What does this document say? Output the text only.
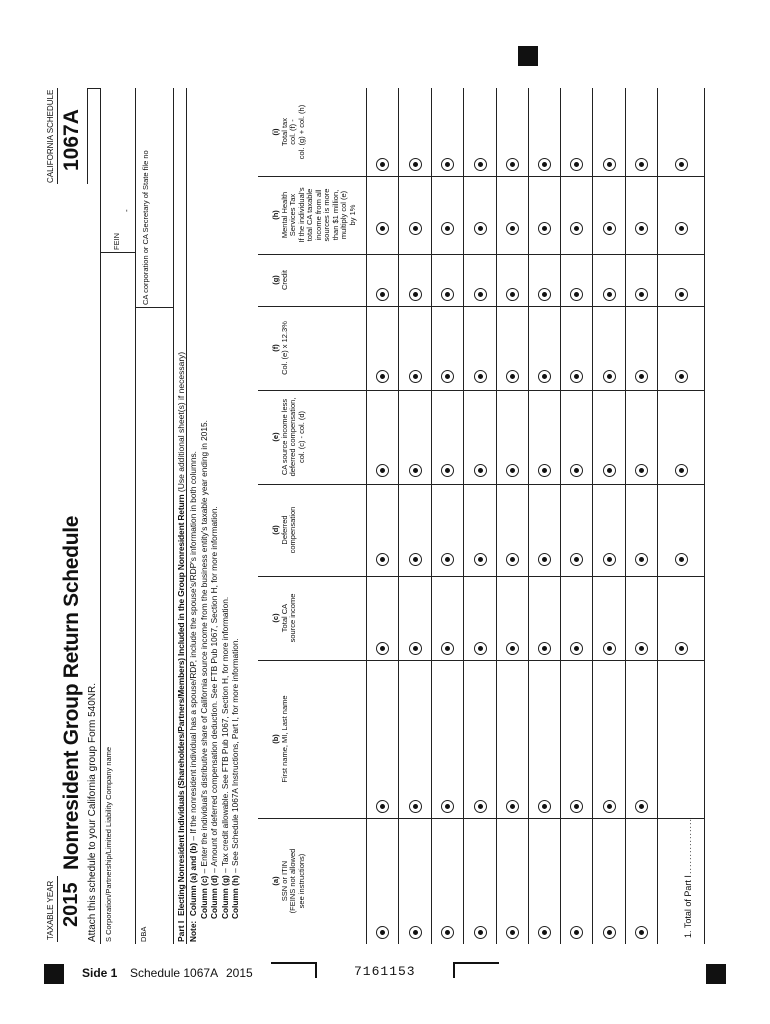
TAXABLE YEAR 2015
Nonresident Group Return Schedule
CALIFORNIA SCHEDULE 1067A
Attach this schedule to your California group Form 540NR. S Corporation/Partnership/Limited Liability Company name
FEIN
-
DBA
CA corporation or CA Secretary of State file no
Part I  Electing Nonresident Individuals (Shareholders/Partners/Members) Included in the Group Nonresident Return (Use additional sheet(s) if necessary)
Note:  Column (a) and (b) – If the nonresident individual has a spouse/RDP, include the spouse's/RDP's information in both columns.
Column (c) – Enter the individual's distributive share of California source income from the business entity's taxable year ending in 2015.
Column (d) – Amount of deferred compensation deduction. See FTB Pub 1067, Section H, for more information.
Column (g) – Tax credit allowable. See FTB Pub 1067, Section H, for more information.
Column (h) – See Schedule 1067A Instructions, Part I, for more information.
(a) SSN or ITIN (FEINS not allowed see instructions)
(b) First name, MI, Last name
(c) Total CA source income
(d) Deferred compensation
(e) CA source income less deferred compensation, col. (c) - col. (d)
(f) Col. (e) x 12.3%
(g) Credit
(h) Mental Health Services Tax If the individual's total CA taxable income from all sources is more than $1 million, multiply col (e) by 1%
(i) Total tax col. (f) - col. (g) + col. (h)
1. Total of Part I
................
Side 1 Schedule 1067A 2015	7161153
